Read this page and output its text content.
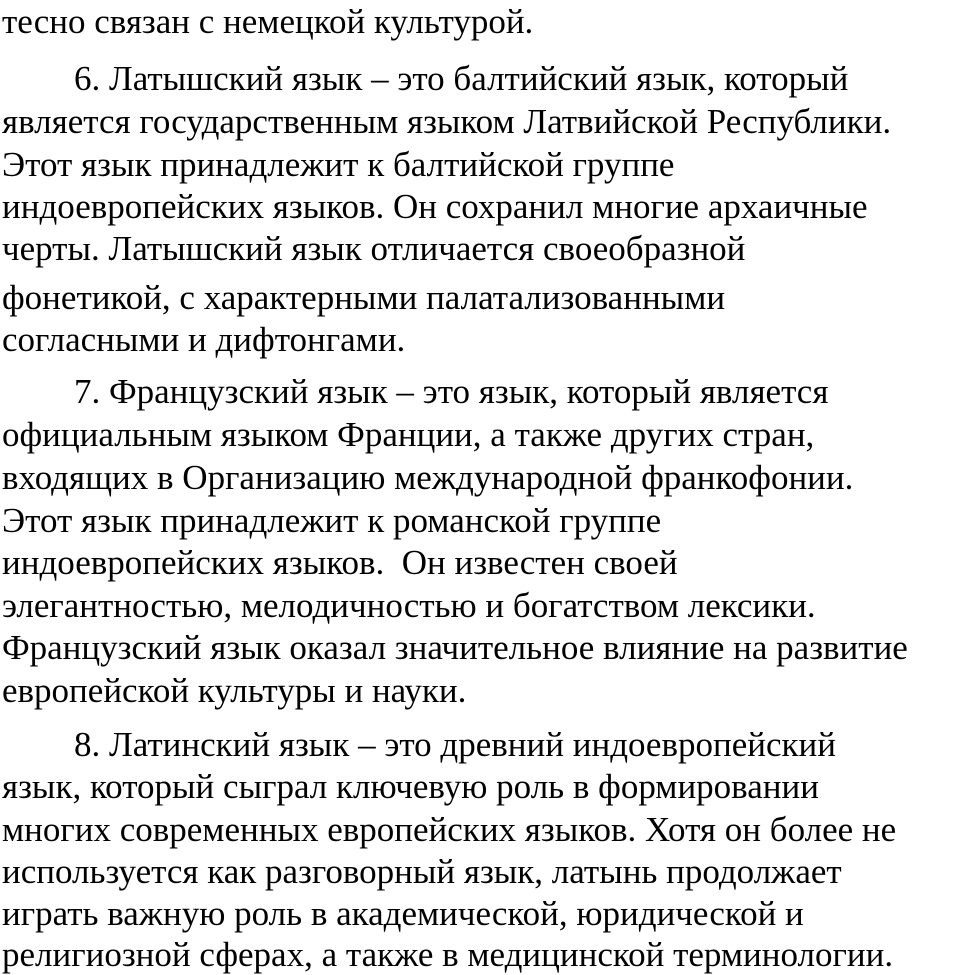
тесно связан с немецкой культурой.
6. Латышский язык – это балтийский язык, который
является государственным языком Латвийской Республики.
Этот язык принадлежит к балтийской группе
индоевропейских языков. Он сохранил многие архаичные
черты. Латышский язык отличается своеобразной
фонетикой, с характерными палатализованными
согласными и дифтонгами.
7. Французский язык – это язык, который является
официальным языком Франции, а также других стран,
входящих в Организацию международной франкофонии.
Этот язык принадлежит к романской группе
индоевропейских языков.  Он известен своей
элегантностью, мелодичностью и богатством лексики.
Французский язык оказал значительное влияние на развитие
европейской культуры и науки.
8. Латинский язык – это древний индоевропейский
язык, который сыграл ключевую роль в формировании
многих современных европейских языков. Хотя он более не
используется как разговорный язык, латынь продолжает
играть важную роль в академической, юридической и
религиозной сферах, а также в медицинской терминологии.
